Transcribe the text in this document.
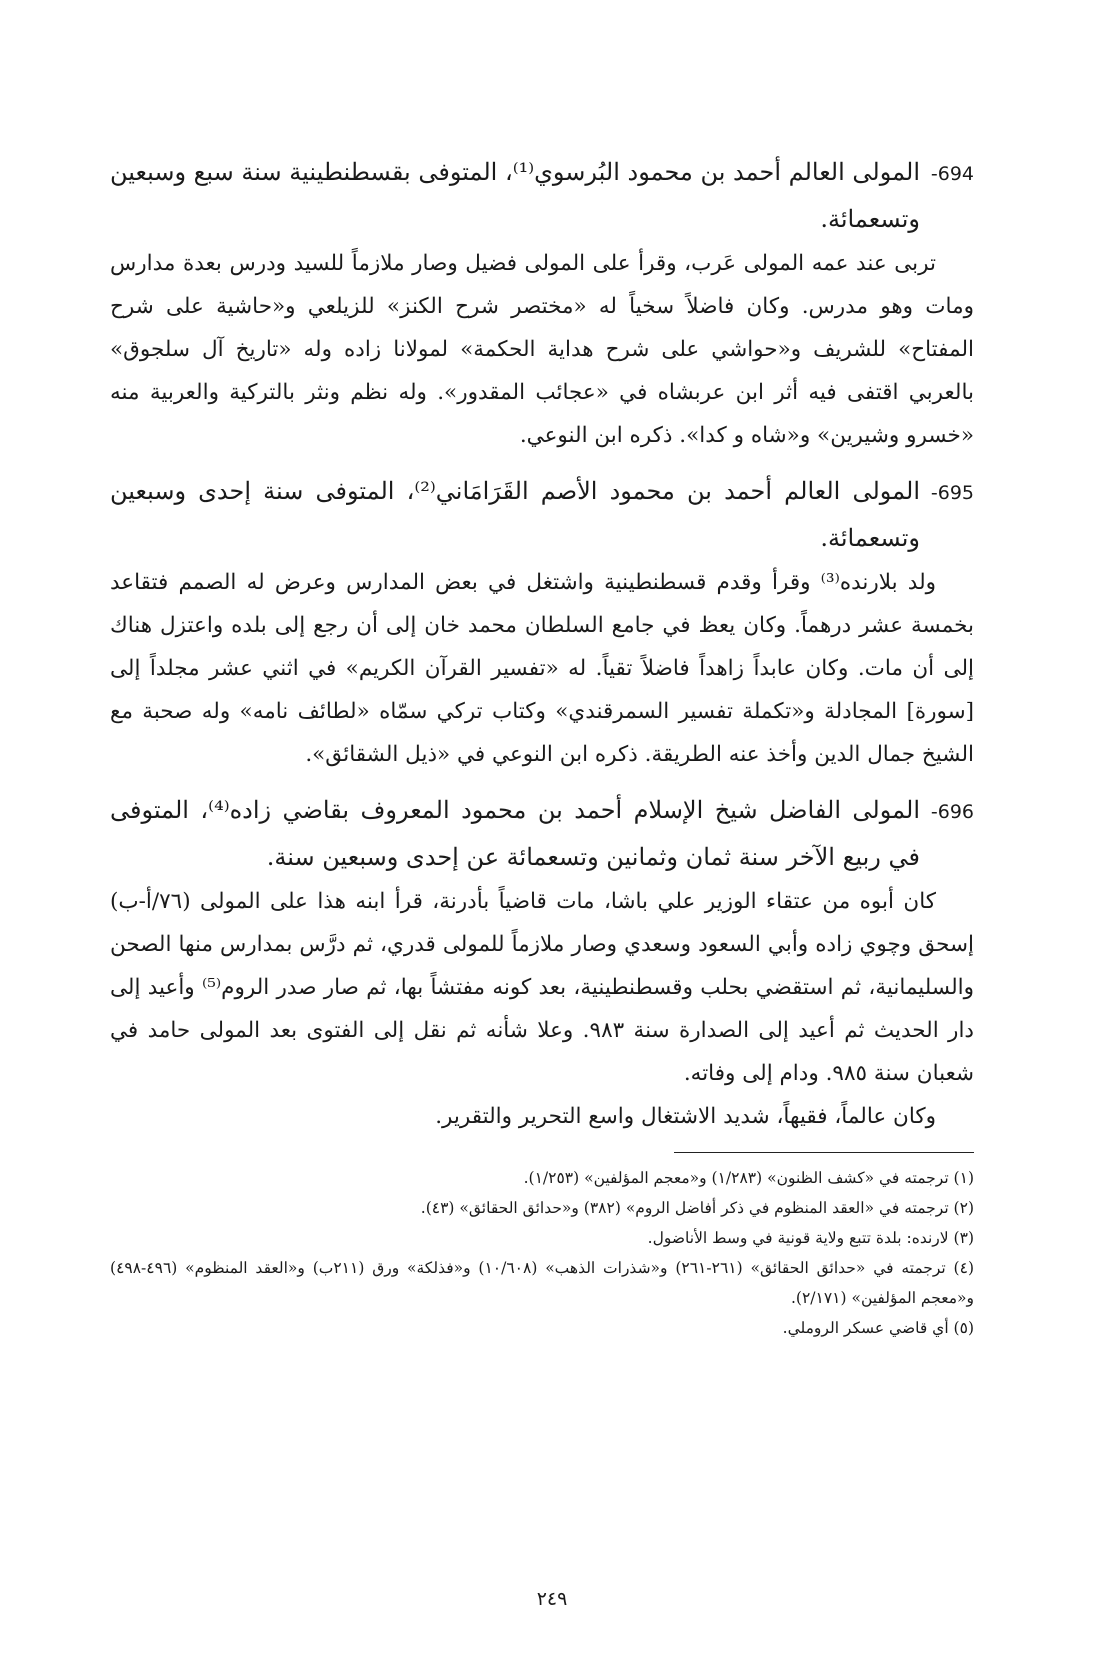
694-المولى العالم أحمد بن محمود البُرسوي⁽¹⁾، المتوفى بقسطنطينية سنة سبع وسبعين وتسعمائة.

تربى عند عمه المولى عَرب، وقرأ على المولى فضيل وصار ملازماً للسيد ودرس بعدة مدارس ومات وهو مدرس. وكان فاضلاً سخياً له «مختصر شرح الكنز» للزيلعي و«حاشية على شرح المفتاح» للشريف و«حواشي على شرح هداية الحكمة» لمولانا زاده وله «تاريخ آل سلجوق» بالعربي اقتفى فيه أثر ابن عربشاه في «عجائب المقدور». وله نظم ونثر بالتركية والعربية منه «خسرو وشيرين» و«شاه و كدا». ذكره ابن النوعي.

695-المولى العالم أحمد بن محمود الأصم القَرَامَاني⁽²⁾، المتوفى سنة إحدى وسبعين وتسعمائة.

ولد بلارنده⁽³⁾ وقرأ وقدم قسطنطينية واشتغل في بعض المدارس وعرض له الصمم فتقاعد بخمسة عشر درهماً. وكان يعظ في جامع السلطان محمد خان إلى أن رجع إلى بلده واعتزل هناك إلى أن مات. وكان عابداً زاهداً فاضلاً تقياً. له «تفسير القرآن الكريم» في اثني عشر مجلداً إلى [سورة] المجادلة و«تكملة تفسير السمرقندي» وكتاب تركي سمّاه «لطائف نامه» وله صحبة مع الشيخ جمال الدين وأخذ عنه الطريقة. ذكره ابن النوعي في «ذيل الشقائق».

696-المولى الفاضل شيخ الإسلام أحمد بن محمود المعروف بقاضي زاده⁽⁴⁾، المتوفى في ربيع الآخر سنة ثمان وثمانين وتسعمائة عن إحدى وسبعين سنة.

كان أبوه من عتقاء الوزير علي باشا، مات قاضياً بأدرنة، قرأ ابنه هذا على المولى (٧٦/أ-ب) إسحق وچوي زاده وأبي السعود وسعدي وصار ملازماً للمولى قدري، ثم درَّس بمدارس منها الصحن والسليمانية، ثم استقضي بحلب وقسطنطينية، بعد كونه مفتشاً بها، ثم صار صدر الروم⁽⁵⁾ وأعيد إلى دار الحديث ثم أعيد إلى الصدارة سنة ٩٨٣. وعلا شأنه ثم نقل إلى الفتوى بعد المولى حامد في شعبان سنة ٩٨٥. ودام إلى وفاته.

وكان عالماً، فقيهاً، شديد الاشتغال واسع التحرير والتقرير.

(١) ترجمته في «كشف الظنون» (١/٢٨٣) و«معجم المؤلفين» (١/٢٥٣).

(٢) ترجمته في «العقد المنظوم في ذكر أفاضل الروم» (٣٨٢) و«حدائق الحقائق» (٤٣).

(٣) لارنده: بلدة تتبع ولاية قونية في وسط الأناضول.

(٤) ترجمته في «حدائق الحقائق» (٢٦١-٢٦١) و«شذرات الذهب» (١٠/٦٠٨) و«فذلكة» ورق (٢١١ب) و«العقد المنظوم» (٤٩٦-٤٩٨) و«معجم المؤلفين» (٢/١٧١).

(٥) أي قاضي عسكر الروملي.

٢٤٩
